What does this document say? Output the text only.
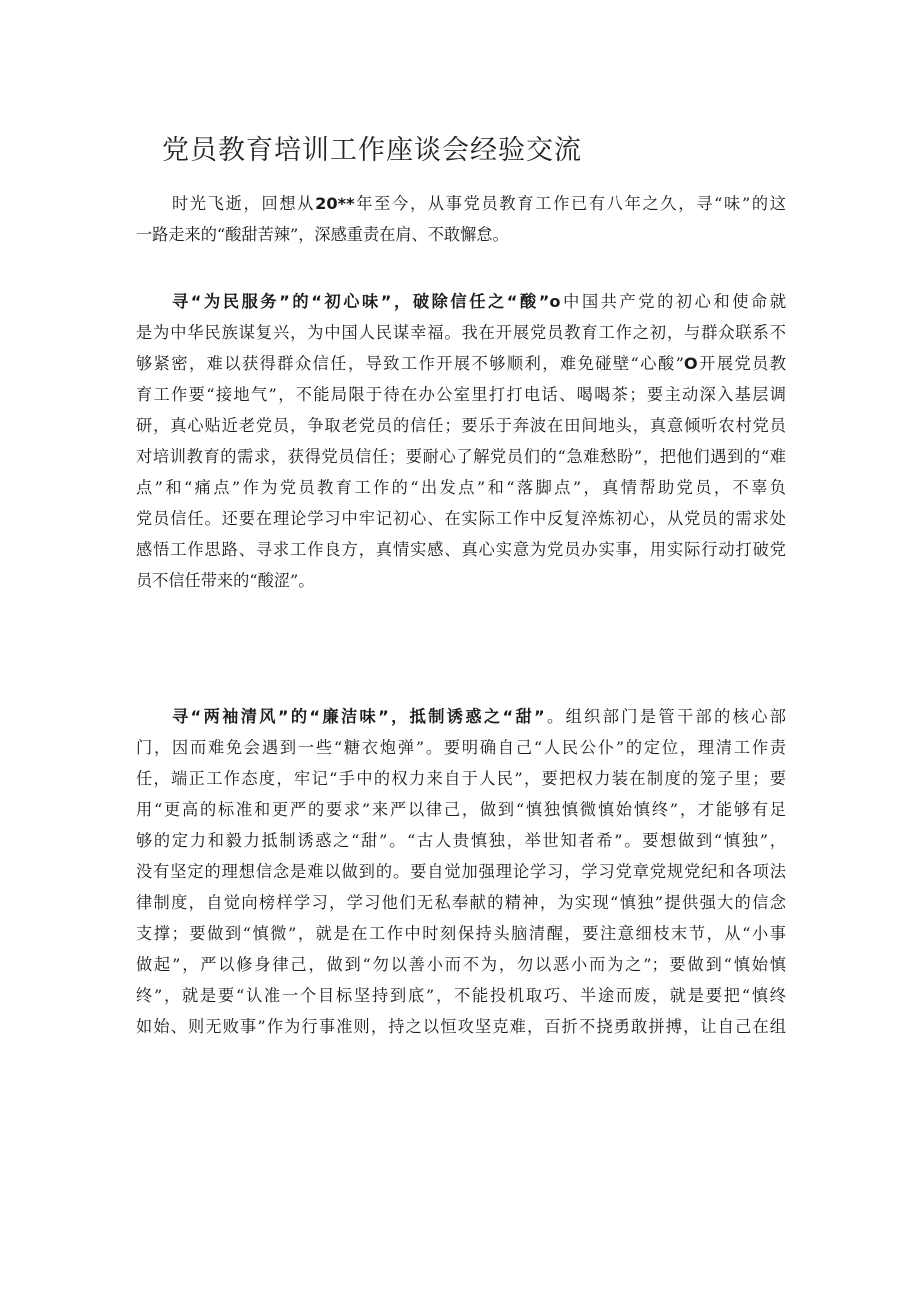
党员教育培训工作座谈会经验交流
时光飞逝，回想从20**年至今，从事党员教育工作已有八年之久，寻“味”的这
一路走来的“酸甜苦辣”，深感重责在肩、不敢懈怠。
寻“为民服务”的“初心味”，破除信任之“酸”o中国共产党的初心和使命就
是为中华民族谋复兴，为中国人民谋幸福。我在开展党员教育工作之初，与群众联系不
够紧密，难以获得群众信任，导致工作开展不够顺利，难免碰壁“心酸”O开展党员教
育工作要“接地气”，不能局限于待在办公室里打打电话、喝喝茶；要主动深入基层调
研，真心贴近老党员，争取老党员的信任；要乐于奔波在田间地头，真意倾听农村党员
对培训教育的需求，获得党员信任；要耐心了解党员们的“急难愁盼”，把他们遇到的“难
点”和“痛点”作为党员教育工作的“出发点”和“落脚点”，真情帮助党员，不辜负
党员信任。还要在理论学习中牢记初心、在实际工作中反复淬炼初心，从党员的需求处
感悟工作思路、寻求工作良方，真情实感、真心实意为党员办实事，用实际行动打破党
员不信任带来的“酸涩”。
寻“两袖清风”的“廉洁味”，抵制诱惑之“甜”。组织部门是管干部的核心部
门，因而难免会遇到一些“糖衣炮弹”。要明确自己“人民公仆”的定位，理清工作责
任，端正工作态度，牢记“手中的权力来自于人民”，要把权力装在制度的笼子里；要
用“更高的标准和更严的要求”来严以律己，做到“慎独慎微慎始慎终”，才能够有足
够的定力和毅力抵制诱惑之“甜”。“古人贵慎独，举世知者希”。要想做到“慎独”，
没有坚定的理想信念是难以做到的。要自觉加强理论学习，学习党章党规党纪和各项法
律制度，自觉向榜样学习，学习他们无私奉献的精神，为实现“慎独”提供强大的信念
支撑；要做到“慎微”，就是在工作中时刻保持头脑清醒，要注意细枝末节，从“小事
做起”，严以修身律己，做到“勿以善小而不为，勿以恶小而为之”；要做到“慎始慎
终”，就是要“认准一个目标坚持到底”，不能投机取巧、半途而废，就是要把“慎终
如始、则无败事”作为行事准则，持之以恒攻坚克难，百折不挠勇敢拼搏，让自己在组
